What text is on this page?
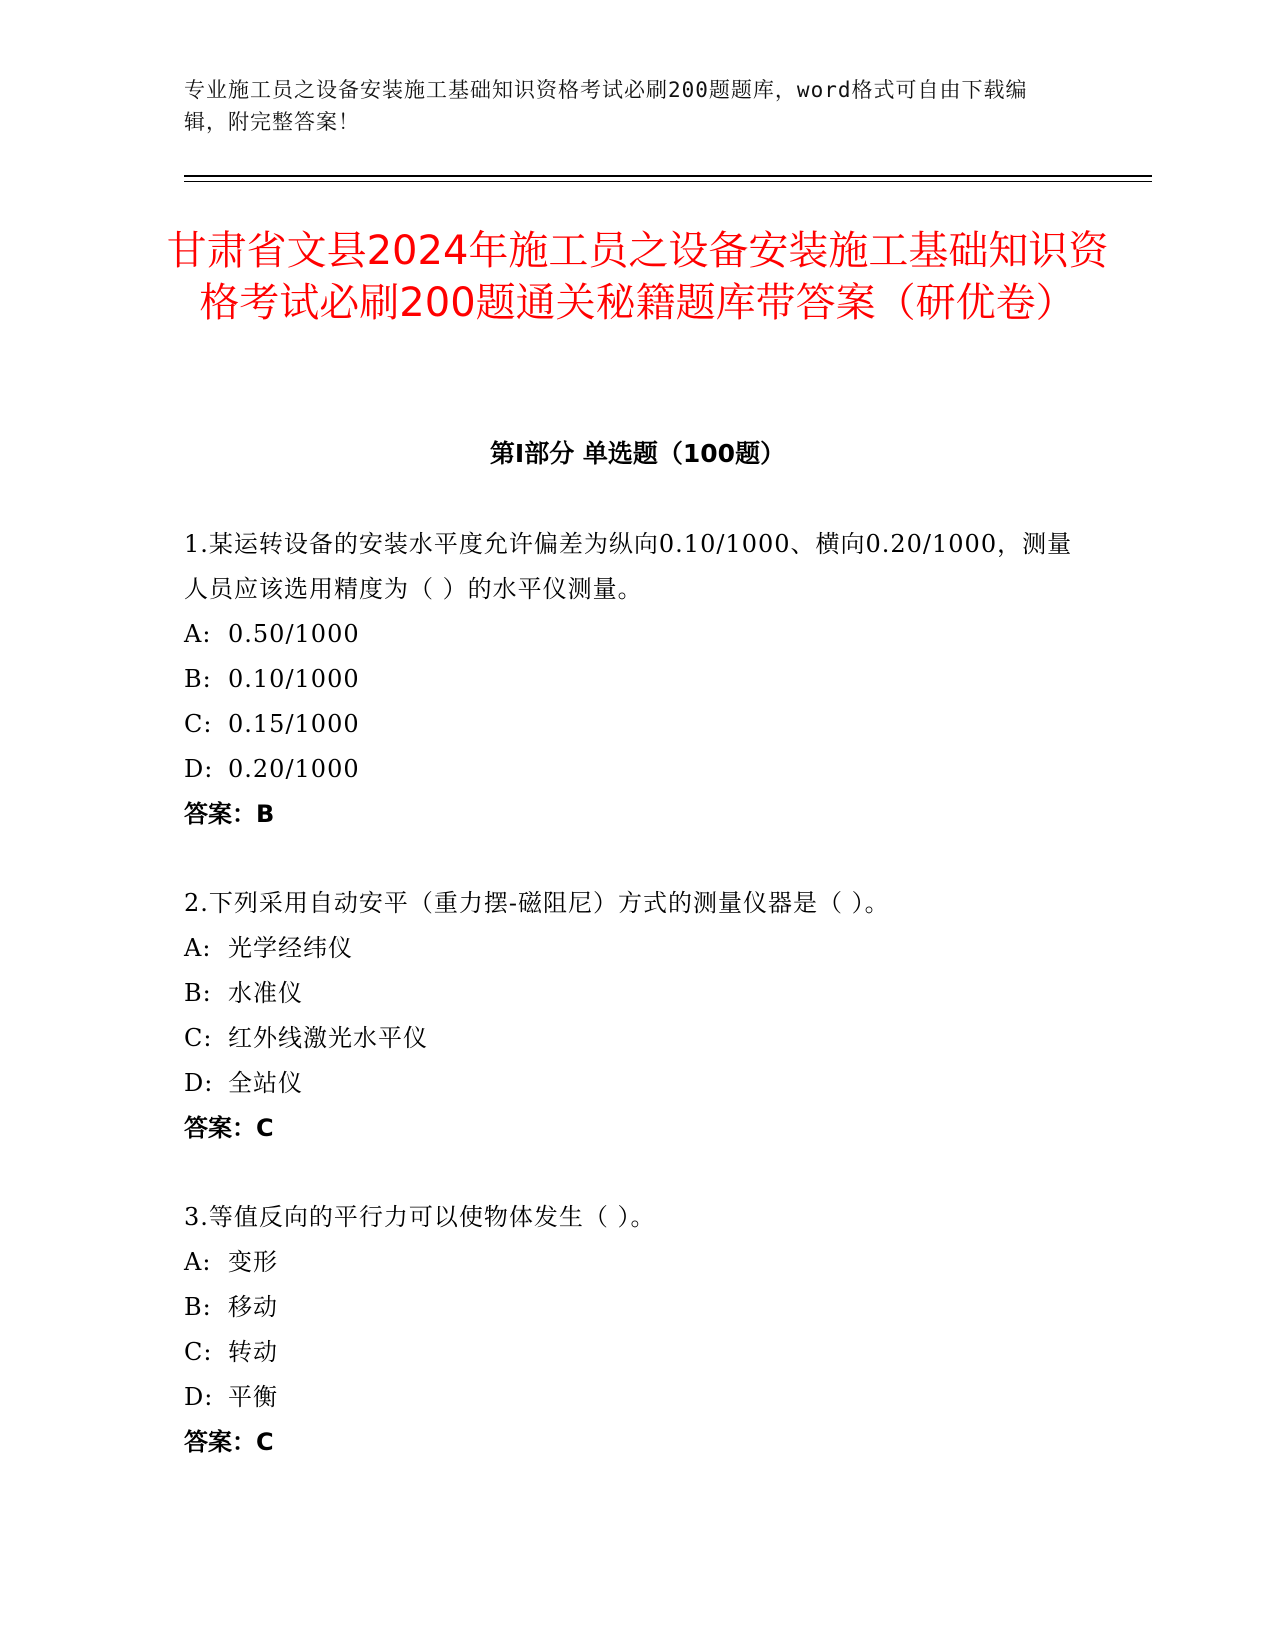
专业施工员之设备安装施工基础知识资格考试必刷200题题库，word格式可自由下载编辑，附完整答案！
甘肃省文县2024年施工员之设备安装施工基础知识资格考试必刷200题通关秘籍题库带答案（研优卷）
第I部分 单选题（100题）
1.某运转设备的安装水平度允许偏差为纵向0.10/1000、横向0.20/1000，测量人员应该选用精度为（ ）的水平仪测量。
A: 0.50/1000
B: 0.10/1000
C: 0.15/1000
D: 0.20/1000
答案：B
2.下列采用自动安平（重力摆-磁阻尼）方式的测量仪器是（ ）。
A: 光学经纬仪
B: 水准仪
C: 红外线激光水平仪
D: 全站仪
答案：C
3.等值反向的平行力可以使物体发生（ ）。
A: 变形
B: 移动
C: 转动
D: 平衡
答案：C
